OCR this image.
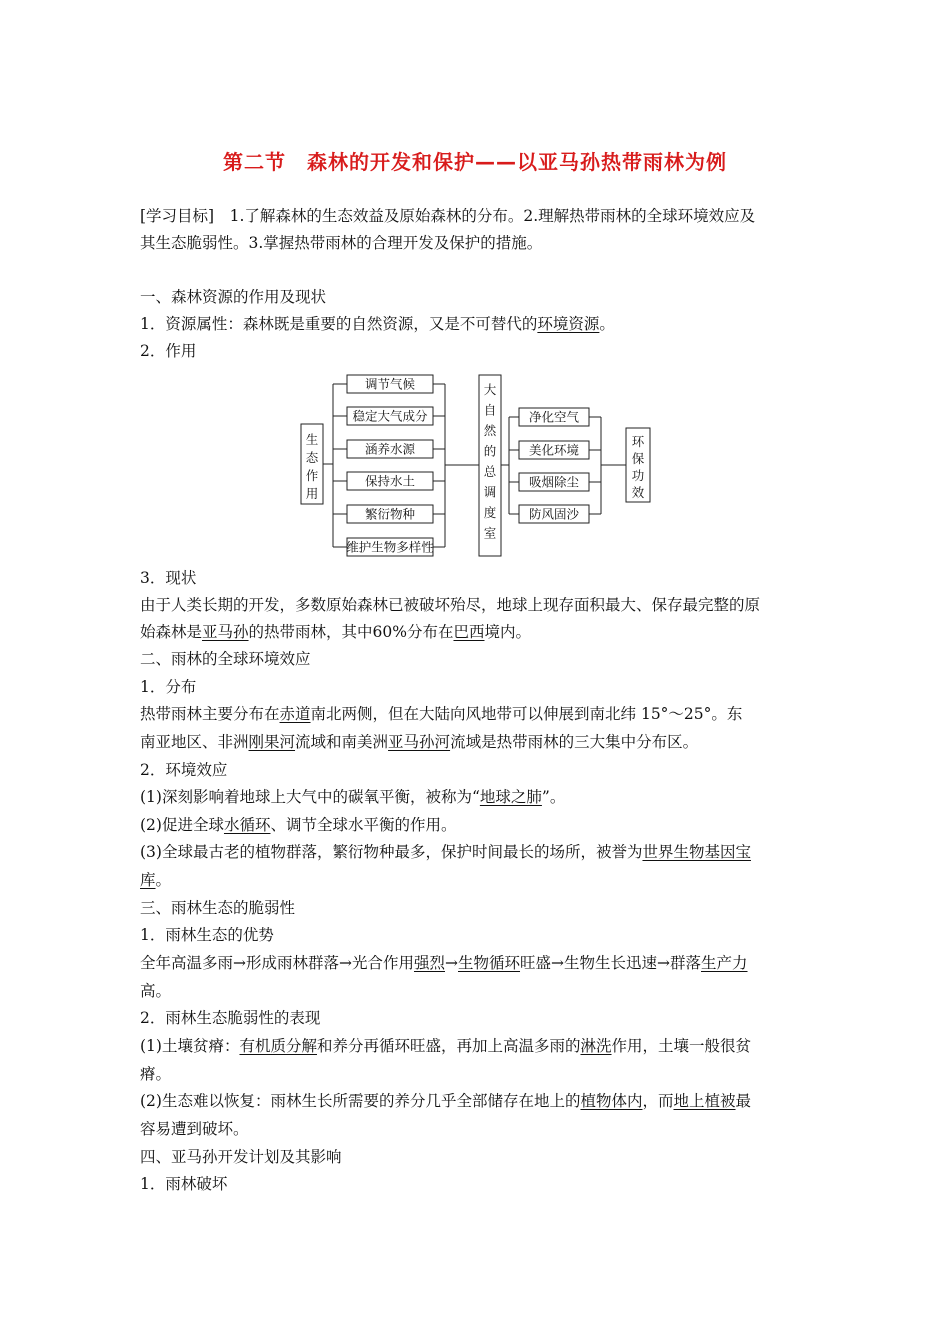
第二节　森林的开发和保护——以亚马孙热带雨林为例
[学习目标]　1.了解森林的生态效益及原始森林的分布。2.理解热带雨林的全球环境效应及
其生态脆弱性。3.掌握热带雨林的合理开发及保护的措施。
一、森林资源的作用及现状
1．资源属性：森林既是重要的自然资源，又是不可替代的环境资源。
2．作用
生
态
作
用
调节气候
稳定大气成分
涵养水源
保持水土
繁衍物种
维护生物多样性
大
自
然
的
总
调
度
室
净化空气
美化环境
吸烟除尘
防风固沙
环
保
功
效
3．现状
由于人类长期的开发，多数原始森林已被破坏殆尽，地球上现存面积最大、保存最完整的原
始森林是亚马孙的热带雨林，其中60%分布在巴西境内。
二、雨林的全球环境效应
1．分布
热带雨林主要分布在赤道南北两侧，但在大陆向风地带可以伸展到南北纬 15°～25°。东
南亚地区、非洲刚果河流域和南美洲亚马孙河流域是热带雨林的三大集中分布区。
2．环境效应
(1)深刻影响着地球上大气中的碳氧平衡，被称为“地球之肺”。
(2)促进全球水循环、调节全球水平衡的作用。
(3)全球最古老的植物群落，繁衍物种最多，保护时间最长的场所，被誉为世界生物基因宝
库。
三、雨林生态的脆弱性
1．雨林生态的优势
全年高温多雨→形成雨林群落→光合作用强烈→生物循环旺盛→生物生长迅速→群落生产力
高。
2．雨林生态脆弱性的表现
(1)土壤贫瘠：有机质分解和养分再循环旺盛，再加上高温多雨的淋洗作用，土壤一般很贫
瘠。
(2)生态难以恢复：雨林生长所需要的养分几乎全部储存在地上的植物体内，而地上植被最
容易遭到破坏。
四、亚马孙开发计划及其影响
1．雨林破坏
